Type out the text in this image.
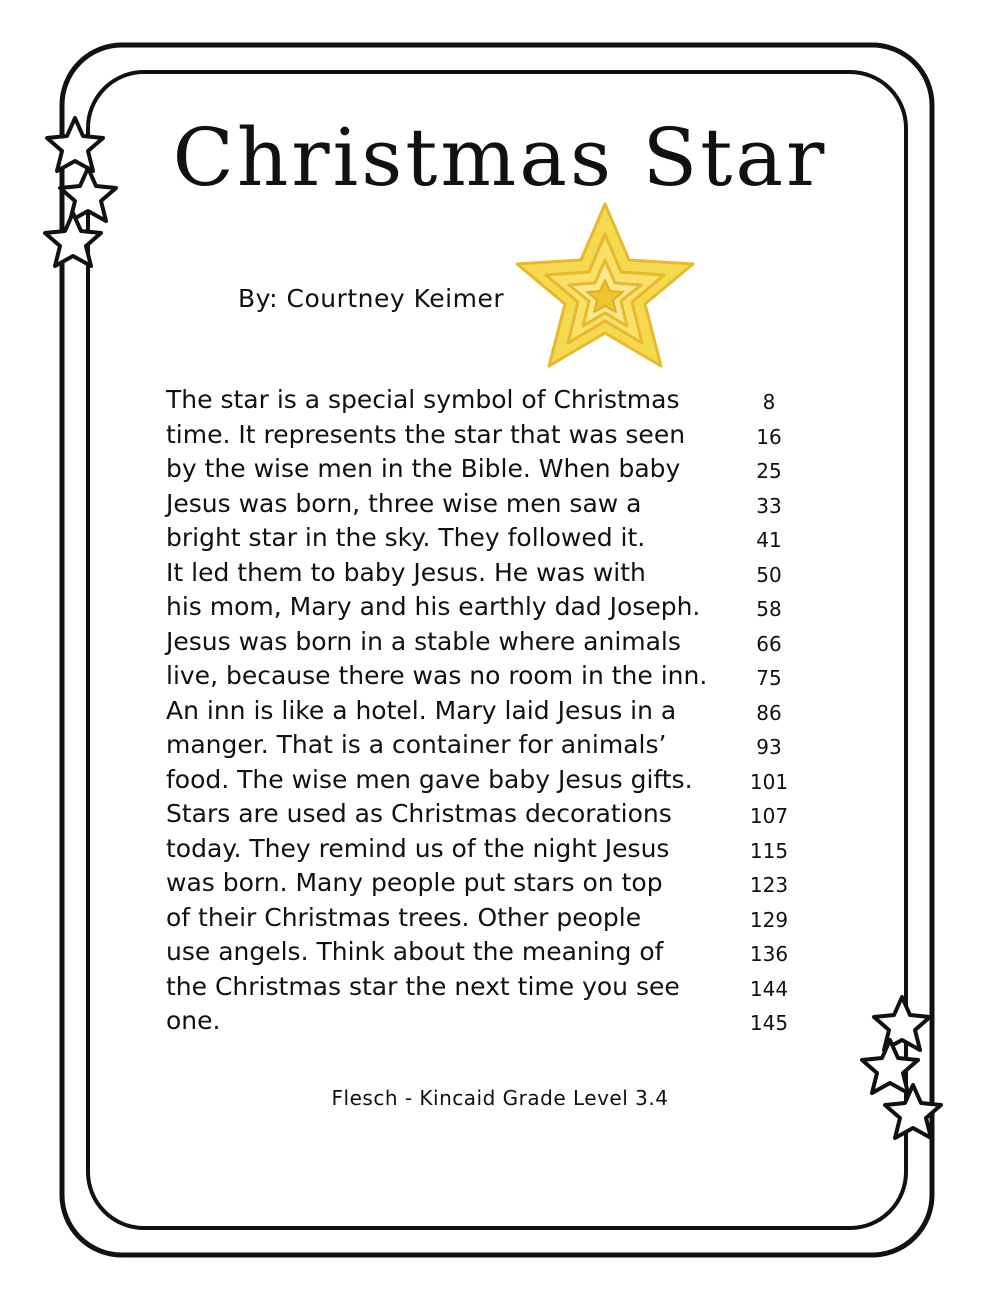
Christmas Star
By: Courtney Keimer
The star is a special symbol of Christmas	8
time. It represents the star that was seen	16
by the wise men in the Bible. When baby	25
Jesus was born, three wise men saw a	33
bright star in the sky. They followed it.	41
It led them to baby Jesus. He was with	50
his mom, Mary and his earthly dad Joseph.	58
Jesus was born in a stable where animals	66
live, because there was no room in the inn.	75
An inn is like a hotel. Mary laid Jesus in a	86
manger. That is a container for animals’	93
food. The wise men gave baby Jesus gifts.	101
Stars are used as Christmas decorations	107
today. They remind us of the night Jesus	115
was born. Many people put stars on top	123
of their Christmas trees. Other people	129
use angels. Think about the meaning of	136
the Christmas star the next time you see	144
one.	145
Flesch - Kincaid Grade Level 3.4
